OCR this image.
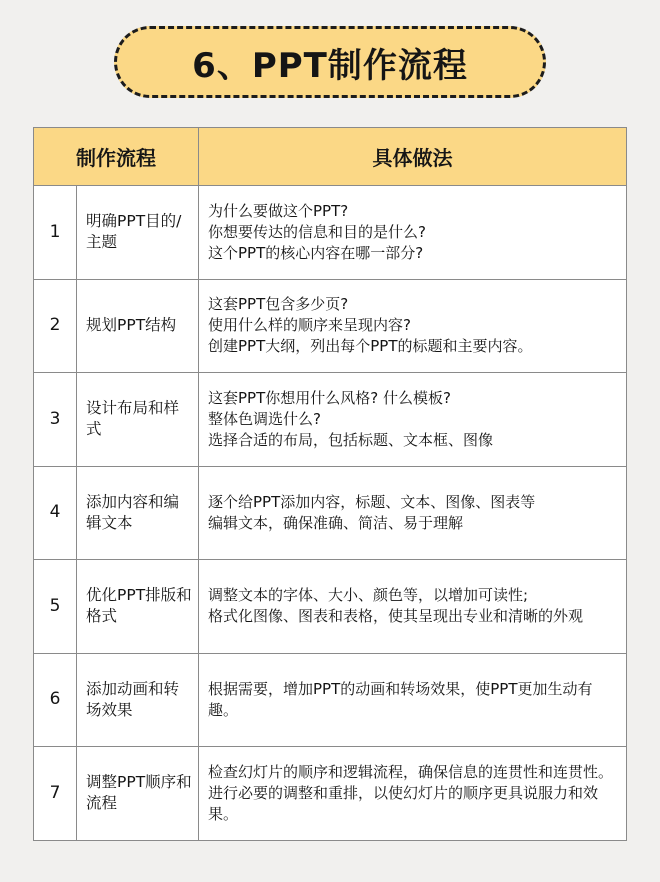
6、PPT制作流程
制作流程		具体做法
1	明确PPT目的/主题	为什么要做这个PPT?
你想要传达的信息和目的是什么?
这个PPT的核心内容在哪一部分?

2	规划PPT结构	这套PPT包含多少页?
使用什么样的顺序来呈现内容?
创建PPT大纲，列出每个PPT的标题和主要内容。

3	设计布局和样式	这套PPT你想用什么风格? 什么模板?
整体色调选什么?
选择合适的布局，包括标题、文本框、图像

4	添加内容和编辑文本	逐个给PPT添加内容，标题、文本、图像、图表等
编辑文本，确保准确、简洁、易于理解

5	优化PPT排版和格式	调整文本的字体、大小、颜色等，以增加可读性;
格式化图像、图表和表格，使其呈现出专业和清晰的外观

6	添加动画和转场效果	根据需要，增加PPT的动画和转场效果，使PPT更加生动有趣。

7	调整PPT顺序和流程	检查幻灯片的顺序和逻辑流程，确保信息的连贯性和连贯性。进行必要的调整和重排，以使幻灯片的顺序更具说服力和效果。
